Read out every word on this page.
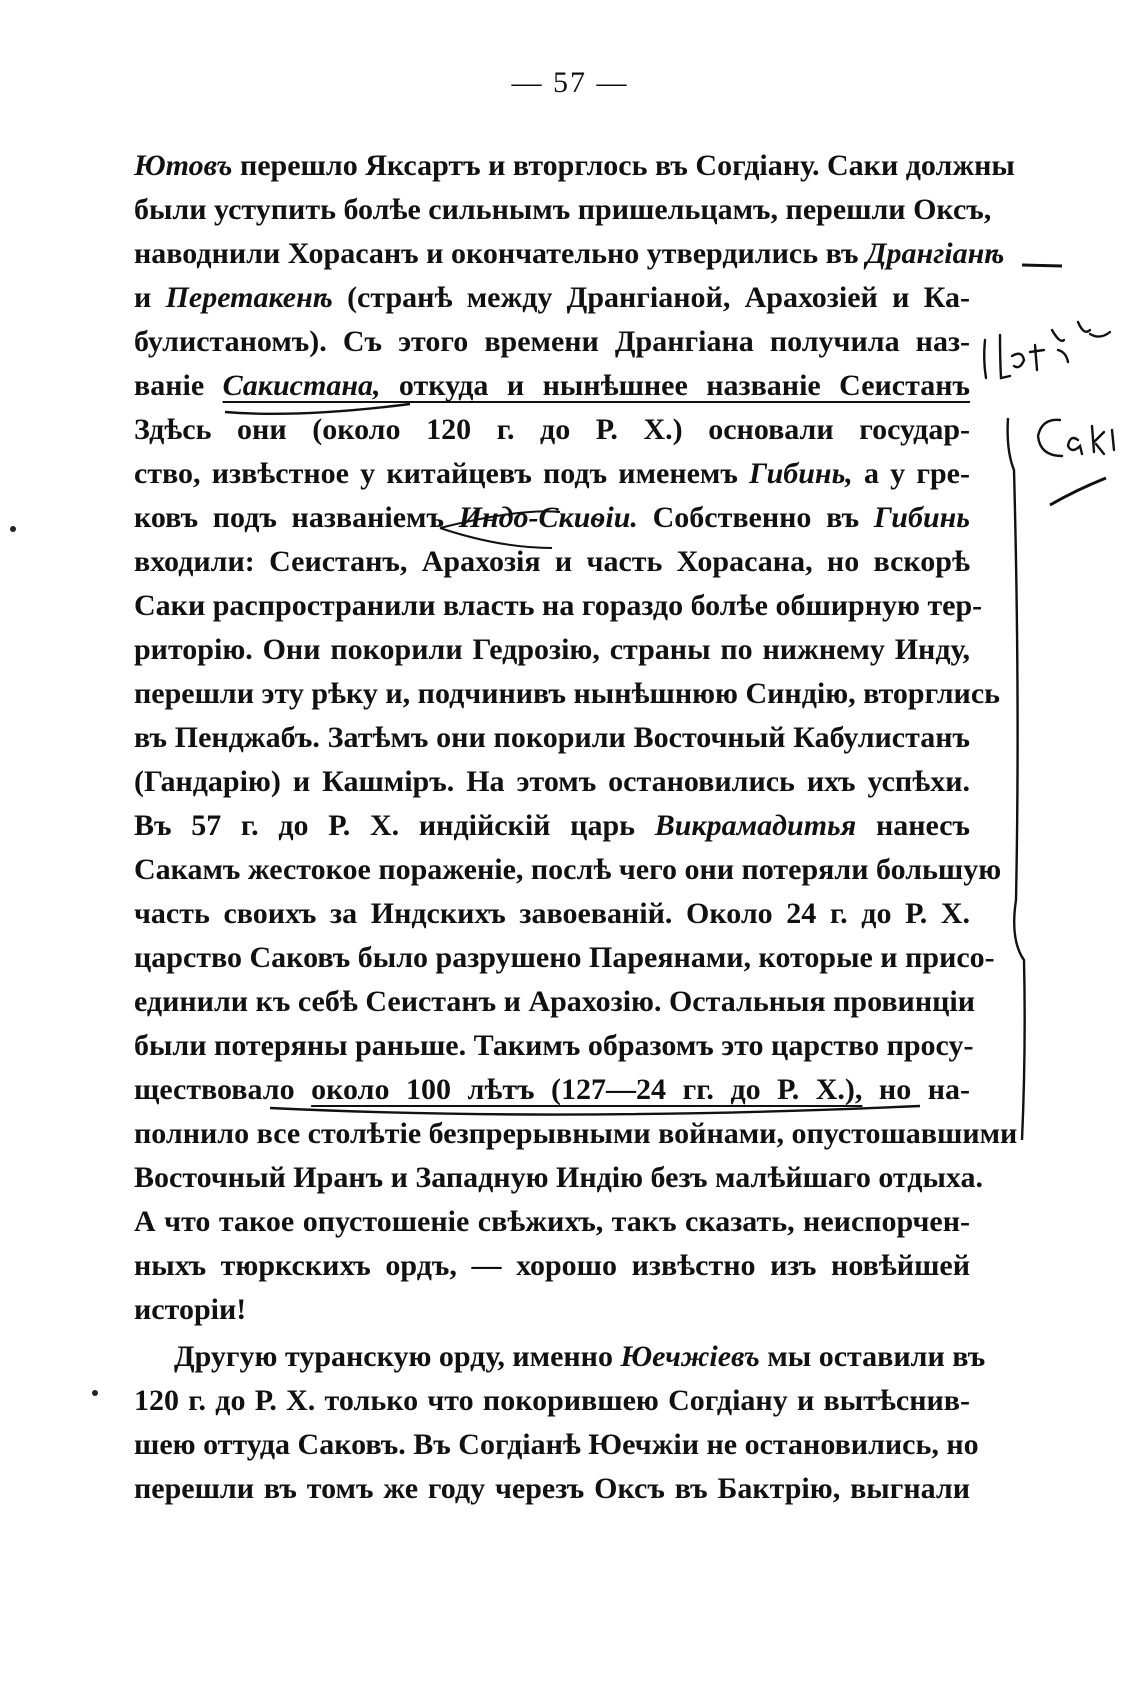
— 57 —
Ютовъ перешло Яксартъ и вторглось въ Согдіану. Саки должны
были уступить болѣе сильнымъ пришельцамъ, перешли Оксъ,
наводнили Хорасанъ и окончательно утвердились въ Дрангіанѣ
и Перетакенѣ (странѣ между Дрангіаной, Арахозіей и Ка-
булистаномъ). Съ этого времени Дрангіана получила наз-
ваніе Сакистана, откуда и нынѣшнее названіе Сеистанъ
Здѣсь они (около 120 г. до Р. Х.) основали государ-
ство, извѣстное у китайцевъ подъ именемъ Гибинь, а у гре-
ковъ подъ названіемъ Индо-Скиѳіи. Собственно въ Гибинь
входили: Сеистанъ, Арахозія и часть Хорасана, но вскорѣ
Саки распространили власть на гораздо болѣе обширную тер-
риторію. Они покорили Гедрозію, страны по нижнему Инду,
перешли эту рѣку и, подчинивъ нынѣшнюю Синдію, вторглись
въ Пенджабъ. Затѣмъ они покорили Восточный Кабулистанъ
(Гандарію) и Кашміръ. На этомъ остановились ихъ успѣхи.
Въ 57 г. до Р. Х. индійскій царь Викрамадитья нанесъ
Сакамъ жестокое пораженіе, послѣ чего они потеряли большую
часть своихъ за Индскихъ завоеваній. Около 24 г. до Р. Х.
царство Саковъ было разрушено Пареянами, которые и присо-
единили къ себѣ Сеистанъ и Арахозію. Остальныя провинціи
были потеряны раньше. Такимъ образомъ это царство просу-
ществовало около 100 лѣтъ (127—24 гг. до Р. Х.), но на-
полнило все столѣтіе безпрерывными войнами, опустошавшими
Восточный Иранъ и Западную Индію безъ малѣйшаго отдыха.
А что такое опустошеніе свѣжихъ, такъ сказать, неиспорчен-
ныхъ тюркскихъ ордъ, — хорошо извѣстно изъ новѣйшей
исторіи!
Другую туранскую орду, именно Юечжіевъ мы оставили въ
120 г. до Р. Х. только что покорившею Согдіану и вытѣснив-
шею оттуда Саковъ. Въ Согдіанѣ Юечжіи не остановились, но
перешли въ томъ же году черезъ Оксъ въ Бактрію, выгнали
